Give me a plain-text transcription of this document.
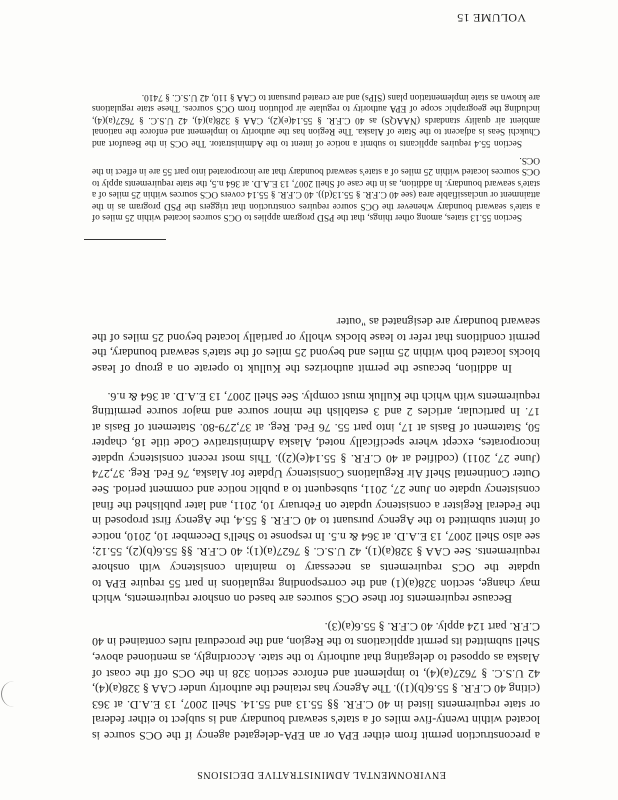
ENVIRONMENTAL ADMINISTRATIVE DECISIONS

a preconstruction permit from either EPA or an EPA-delegated agency if the OCS source is located within twenty-five miles of a state's seaward boundary and is subject to either federal or state requirements listed in 40 C.F.R. §§ 55.13 and 55.14. Shell 2007, 13 E.A.D. at 363 (citing 40 C.F.R. § 55.6(b)(1)). The Agency has retained the authority under CAA § 328(a)(4), 42 U.S.C. § 7627(a)(4), to implement and enforce section 328 in the OCS off the coast of Alaska as opposed to delegating that authority to the state. Accordingly, as mentioned above, Shell submitted its permit applications to the Region, and the procedural rules contained in 40 C.F.R. part 124 apply. 40 C.F.R. § 55.6(a)(3).

Because requirements for these OCS sources are based on onshore requirements, which may change, section 328(a)(1) and the corresponding regulations in part 55 require EPA to update the OCS requirements as necessary to maintain consistency with onshore requirements. See CAA § 328(a)(1), 42 U.S.C. § 7627(a)(1); 40 C.F.R. §§ 55.6(b)(2), 55.12; see also Shell 2007, 13 E.A.D. at 364 & n.5. In response to Shell's December 10, 2010, notice of intent submitted to the Agency pursuant to 40 C.F.R. § 55.4, the Agency first proposed in the Federal Register a consistency update on February 10, 2011, and later published the final consistency update on June 27, 2011, subsequent to a public notice and comment period. See Outer Continental Shelf Air Regulations Consistency Update for Alaska, 76 Fed. Reg. 37,274 (June 27, 2011) (codified at 40 C.F.R. § 55.14(e)(2)). This most recent consistency update incorporates, except where specifically noted, Alaska Administrative Code title 18, chapter 50, Statement of Basis at 17, into part 55. 76 Fed. Reg. at 37,279-80. Statement of Basis at 17. In particular, articles 2 and 3 establish the minor source and major source permitting requirements with which the Kulluk must comply. See Shell 2007, 13 E.A.D. at 364 & n.6.

In addition, because the permit authorizes the Kulluk to operate on a group of lease blocks located both within 25 miles and beyond 25 miles of the state's seaward boundary, the permit conditions that refer to lease blocks wholly or partially located beyond 25 miles of the seaward boundary are designated as "outer

Section 55.13 states, among other things, that the PSD program applies to OCS sources located within 25 miles of a state's seaward boundary whenever the OCS source requires construction that triggers the PSD program as in the attainment or unclassifiable area (see 40 C.F.R. § 55.13(d)). 40 C.F.R. § 55.14 covers OCS sources within 25 miles of a state's seaward boundary. In addition, as in the case of Shell 2007, 13 E.A.D. at 364 n.5, the state requirements apply to OCS sources located within 25 miles of a state's seaward boundary that are incorporated into part 55 are in effect in the OCS.

Section 55.4 requires applicants to submit a notice of intent to the Administrator. The OCS in the Beaufort and Chukchi Seas is adjacent to the State of Alaska. The Region has the authority to implement and enforce the national ambient air quality standards (NAAQS) as 40 C.F.R. § 55.14(e)(2), CAA § 328(a)(4), 42 U.S.C. § 7627(a)(4), including the geographic scope of EPA authority to regulate air pollution from OCS sources. These state regulations are known as state implementation plans (SIPs) and are created pursuant to CAA § 110, 42 U.S.C. § 7410.

VOLUME 15
